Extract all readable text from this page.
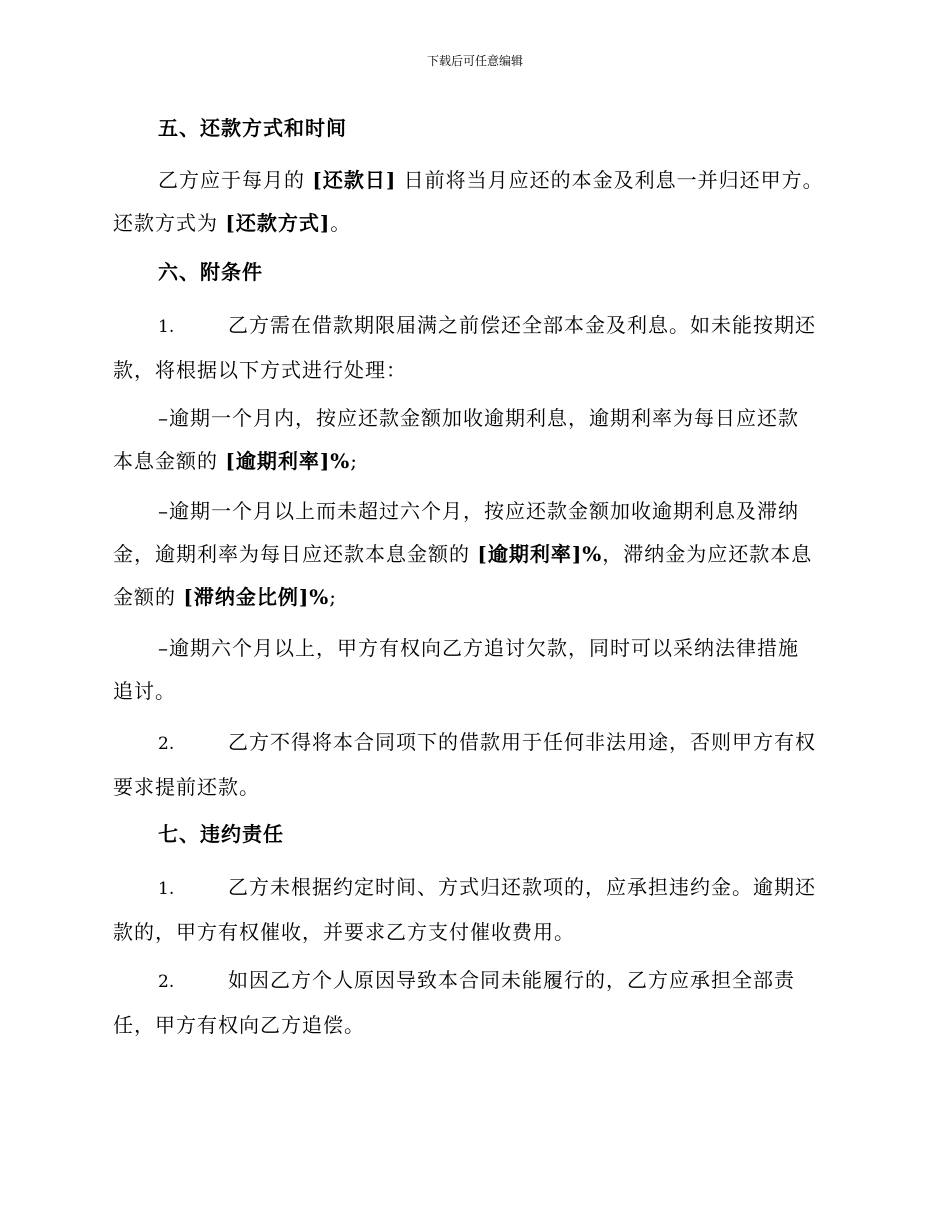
下载后可任意编辑
五、还款方式和时间
乙方应于每月的 [还款日] 日前将当月应还的本金及利息一并归还甲方。
还款方式为 [还款方式]。
六、附条件
1.	乙方需在借款期限届满之前偿还全部本金及利息。如未能按期还
款，将根据以下方式进行处理：
–逾期一个月内，按应还款金额加收逾期利息，逾期利率为每日应还款
本息金额的 [逾期利率]%;
–逾期一个月以上而未超过六个月，按应还款金额加收逾期利息及滞纳
金，逾期利率为每日应还款本息金额的 [逾期利率]%，滞纳金为应还款本息
金额的 [滞纳金比例]%;
–逾期六个月以上，甲方有权向乙方追讨欠款，同时可以采纳法律措施
追讨。
2.	乙方不得将本合同项下的借款用于任何非法用途，否则甲方有权
要求提前还款。
七、违约责任
1.	乙方未根据约定时间、方式归还款项的，应承担违约金。逾期还
款的，甲方有权催收，并要求乙方支付催收费用。
2.	如因乙方个人原因导致本合同未能履行的，乙方应承担全部责
任，甲方有权向乙方追偿。
